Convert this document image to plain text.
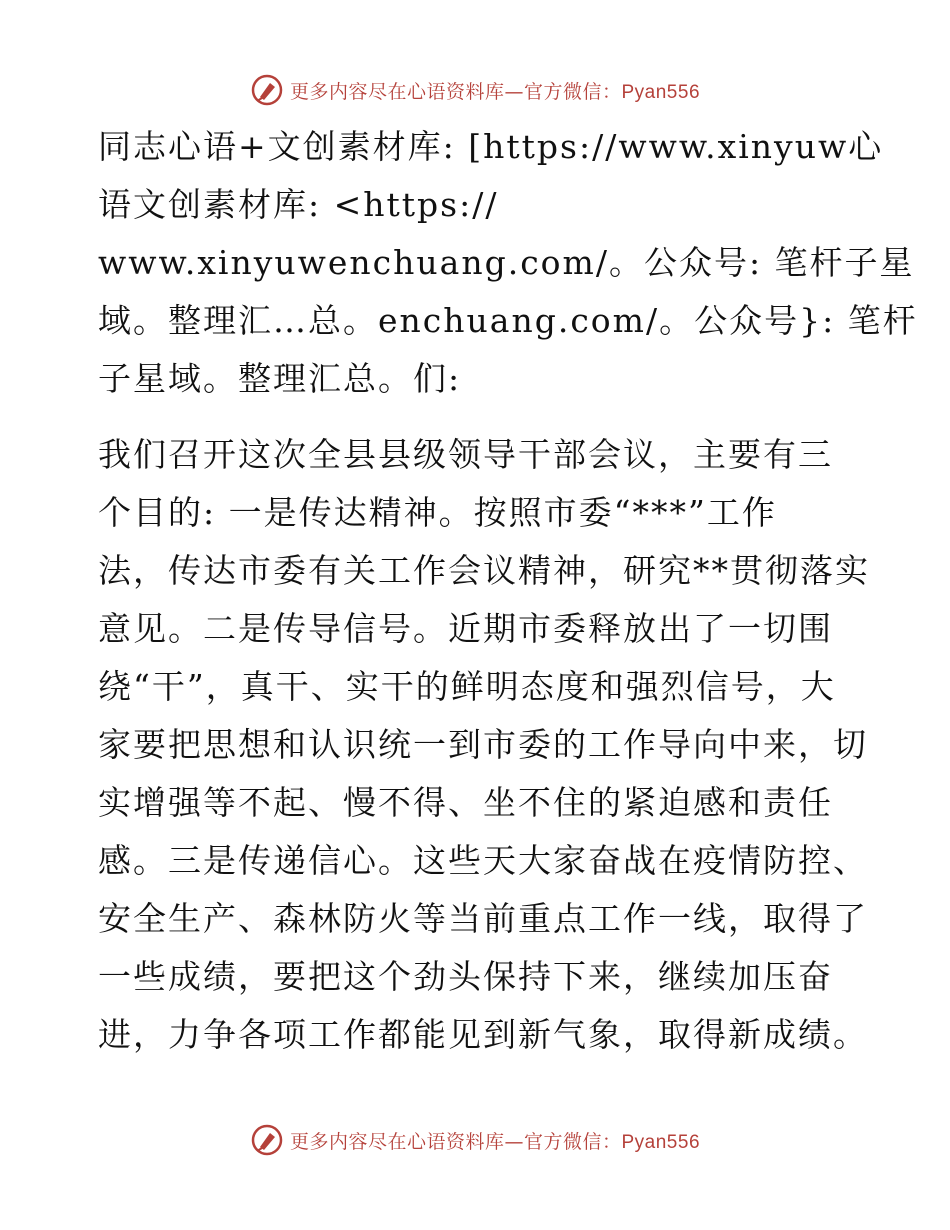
更多内容尽在心语资料库—官方微信：Pyan556
同志心语+文创素材库: [https://www.xinyuw心
语文创素材库: <https://
www.xinyuwenchuang.com/。公众号: 笔杆子星
域。整理汇…总。enchuang.com/。公众号}: 笔杆
子星域。整理汇总。们:
我们召开这次全县县级领导干部会议，主要有三
个目的: 一是传达精神。按照市委“***”工作
法，传达市委有关工作会议精神，研究**贯彻落实
意见。二是传导信号。近期市委释放出了一切围
绕“干”，真干、实干的鲜明态度和强烈信号，大
家要把思想和认识统一到市委的工作导向中来，切
实增强等不起、慢不得、坐不住的紧迫感和责任
感。三是传递信心。这些天大家奋战在疫情防控、
安全生产、森林防火等当前重点工作一线，取得了
一些成绩，要把这个劲头保持下来，继续加压奋
进，力争各项工作都能见到新气象，取得新成绩。
更多内容尽在心语资料库—官方微信：Pyan556
